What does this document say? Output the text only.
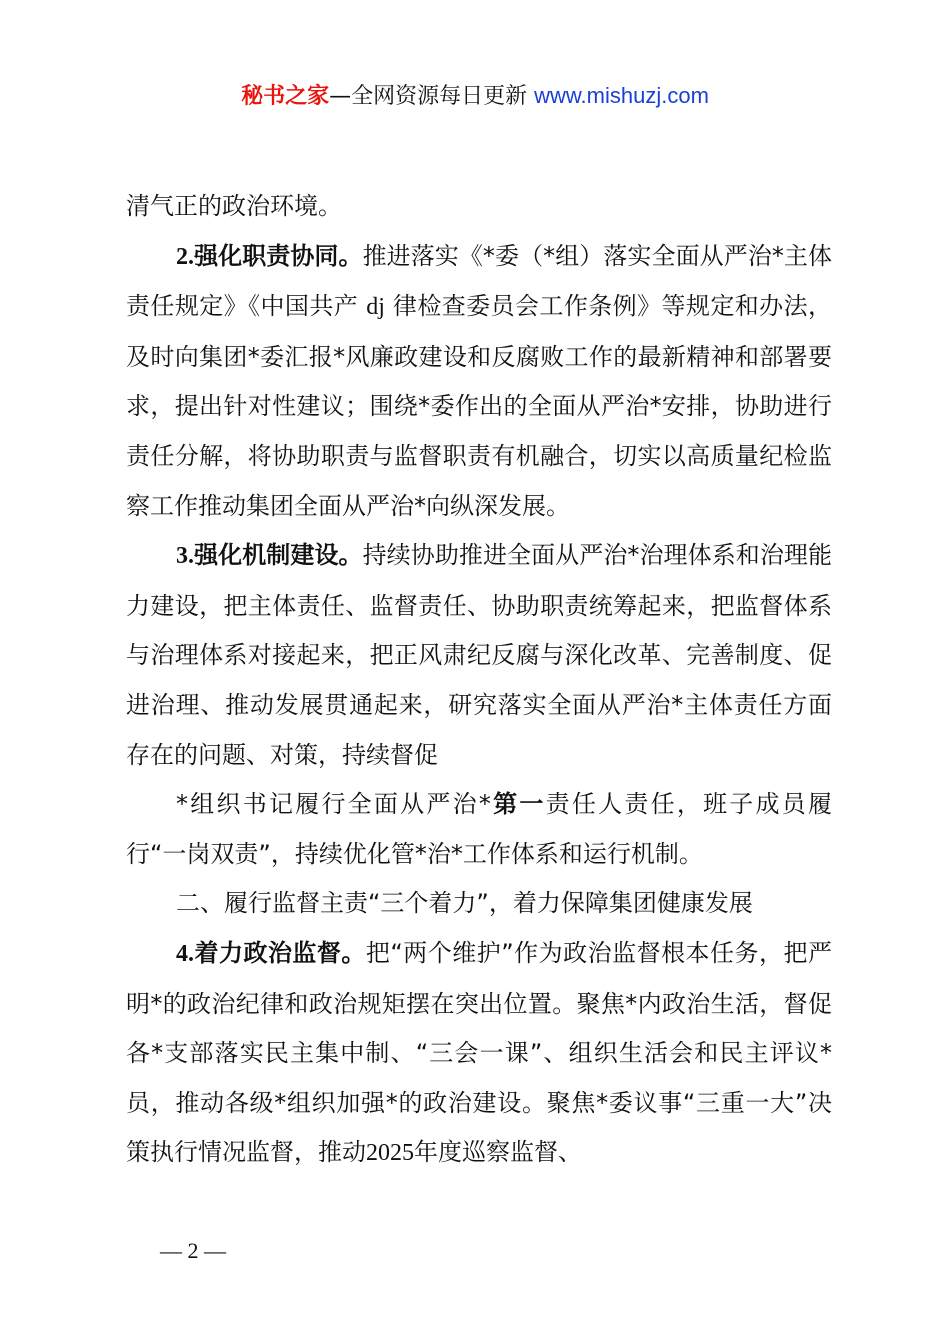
秘书之家—全网资源每日更新 www.mishuzj.com

清气正的政治环境。

2.强化职责协同。推进落实《*委（*组）落实全面从严治*主体责任规定》《中国共产 dj 律检查委员会工作条例》等规定和办法，及时向集团*委汇报*风廉政建设和反腐败工作的最新精神和部署要求，提出针对性建议；围绕*委作出的全面从严治*安排，协助进行责任分解，将协助职责与监督职责有机融合，切实以高质量纪检监察工作推动集团全面从严治*向纵深发展。

3.强化机制建设。持续协助推进全面从严治*治理体系和治理能力建设，把主体责任、监督责任、协助职责统筹起来，把监督体系与治理体系对接起来，把正风肃纪反腐与深化改革、完善制度、促进治理、推动发展贯通起来，研究落实全面从严治*主体责任方面存在的问题、对策，持续督促

*组织书记履行全面从严治*第一责任人责任，班子成员履行“一岗双责”，持续优化管*治*工作体系和运行机制。

二、履行监督主责“三个着力”，着力保障集团健康发展

4.着力政治监督。把“两个维护”作为政治监督根本任务，把严明*的政治纪律和政治规矩摆在突出位置。聚焦*内政治生活，督促各*支部落实民主集中制、“三会一课”、组织生活会和民主评议*员，推动各级*组织加强*的政治建设。聚焦*委议事“三重一大”决策执行情况监督，推动2025年度巡察监督、

— 2 —
